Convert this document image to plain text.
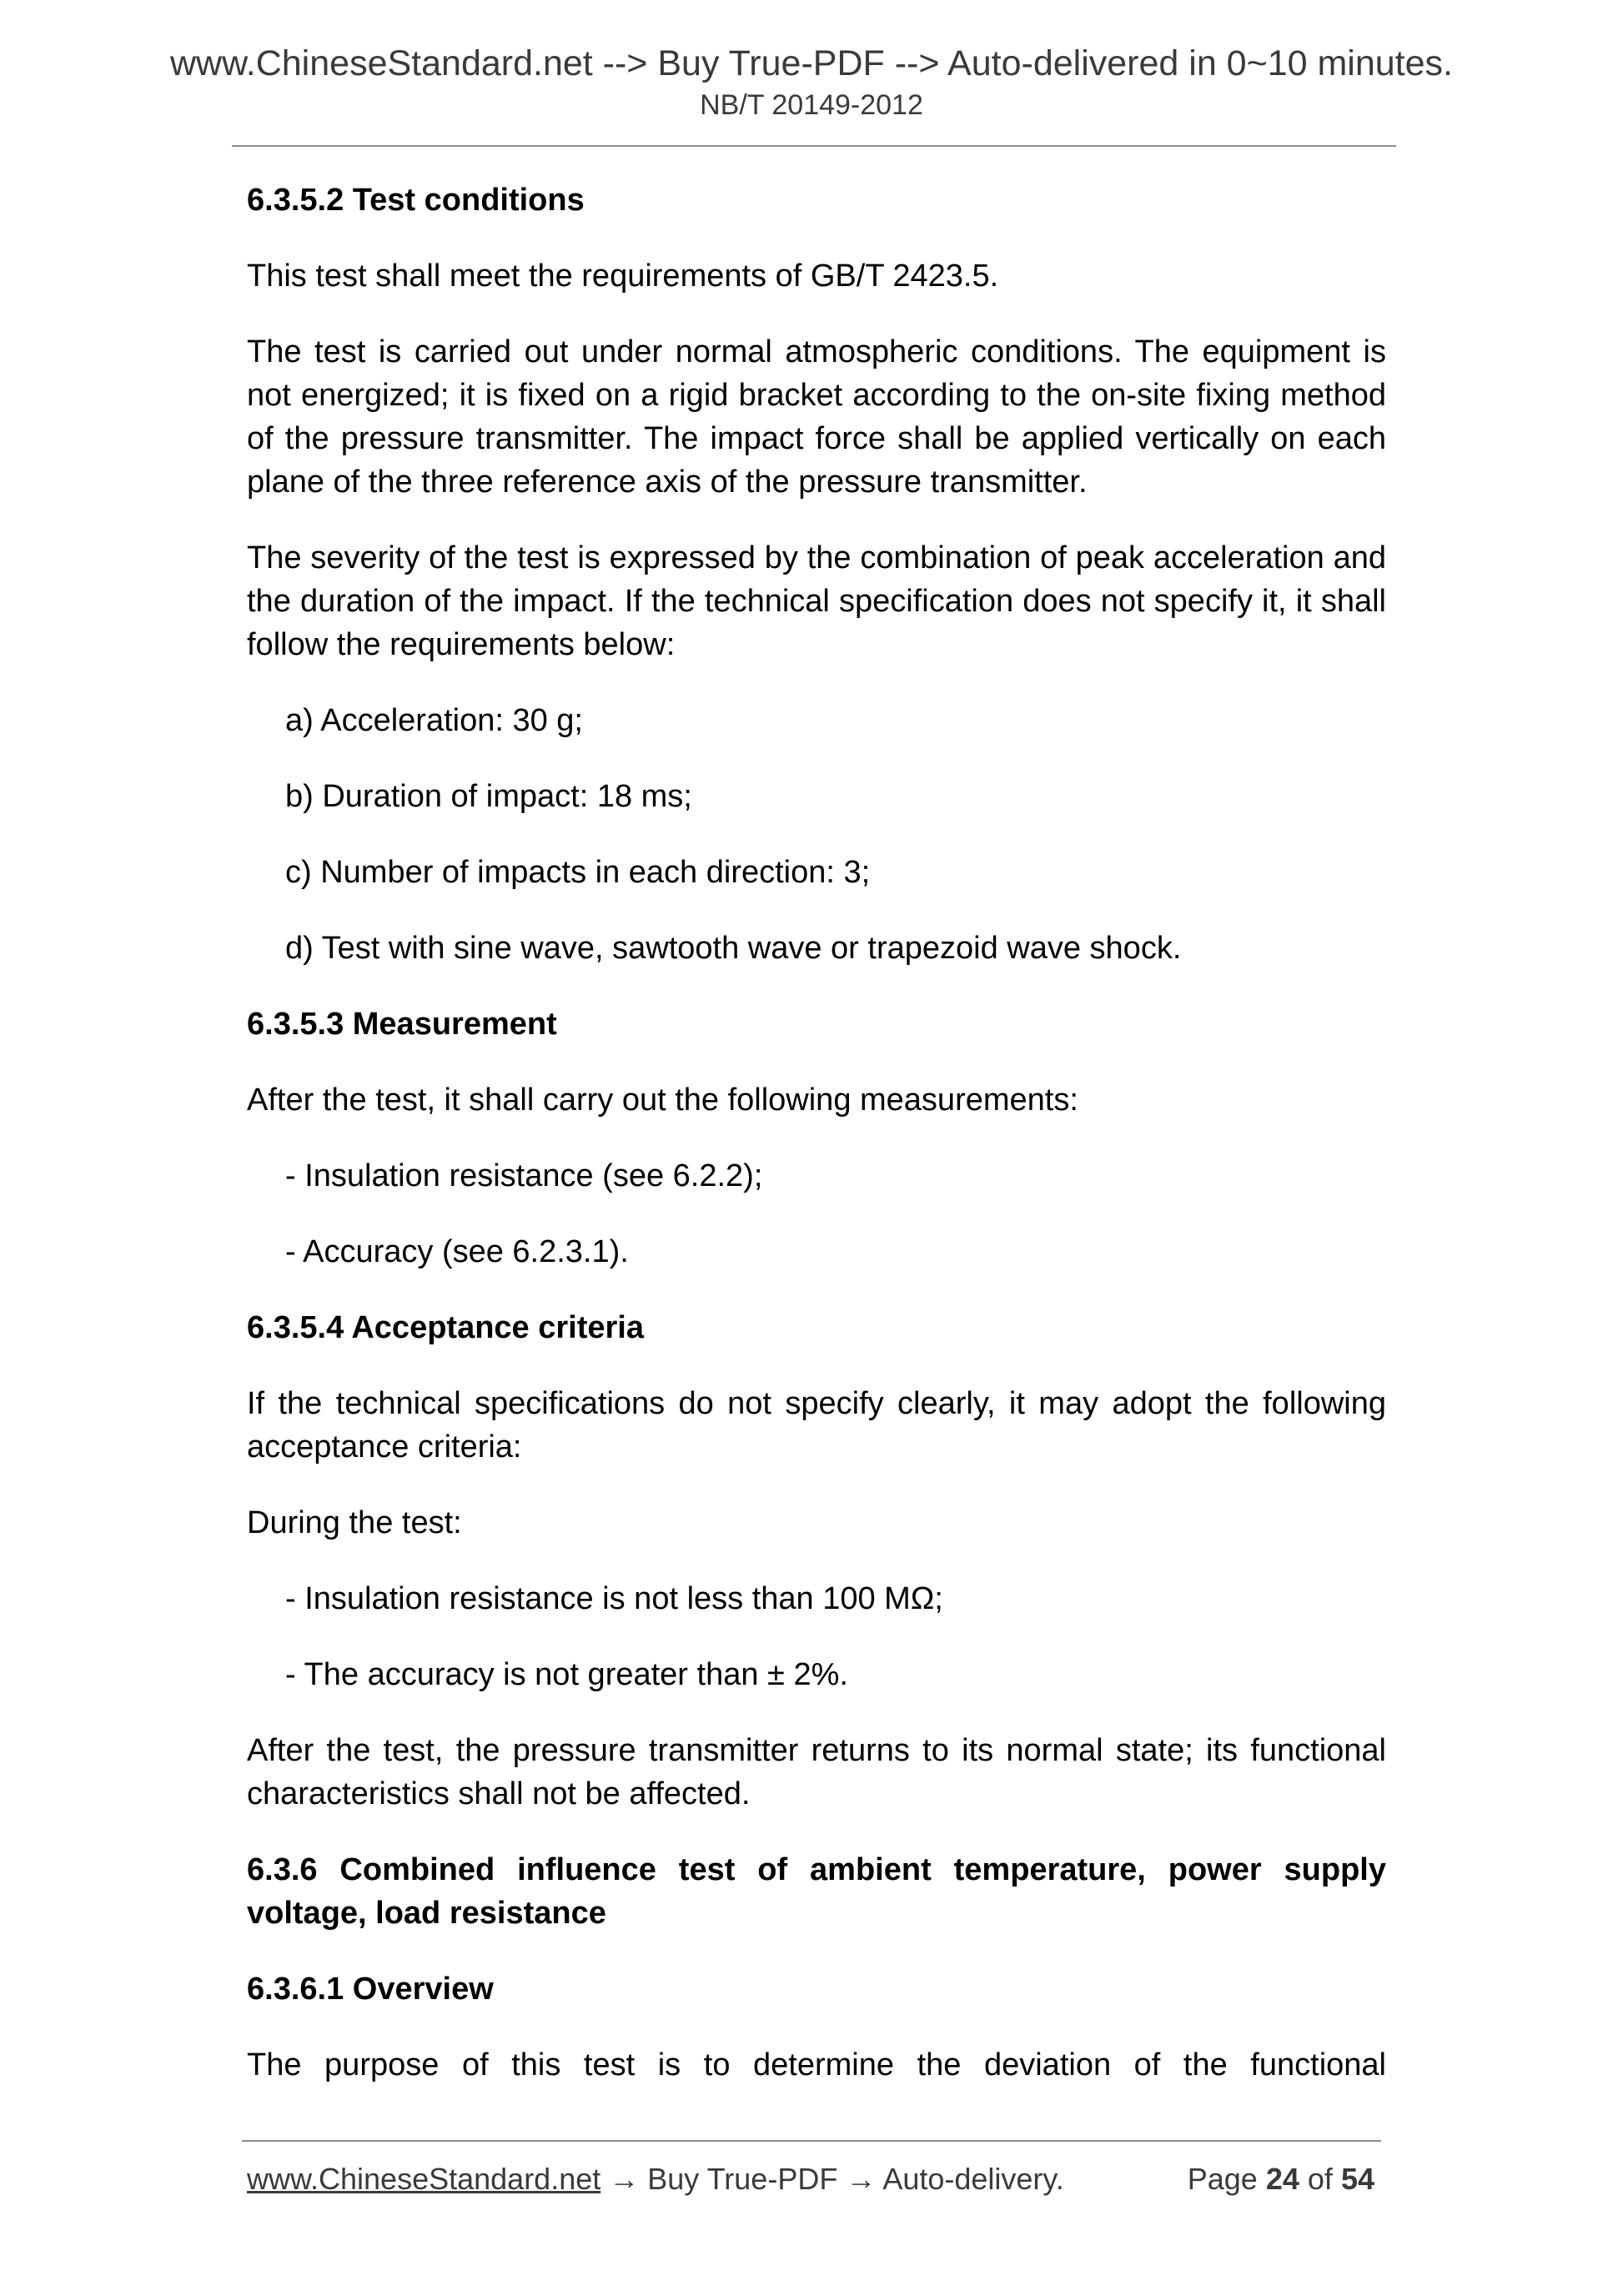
www.ChineseStandard.net --> Buy True-PDF --> Auto-delivered in 0~10 minutes.
NB/T 20149-2012

6.3.5.2 Test conditions

This test shall meet the requirements of GB/T 2423.5.

The test is carried out under normal atmospheric conditions. The equipment is not energized; it is fixed on a rigid bracket according to the on-site fixing method of the pressure transmitter. The impact force shall be applied vertically on each plane of the three reference axis of the pressure transmitter.

The severity of the test is expressed by the combination of peak acceleration and the duration of the impact. If the technical specification does not specify it, it shall follow the requirements below:

a) Acceleration: 30 g;

b) Duration of impact: 18 ms;

c) Number of impacts in each direction: 3;

d) Test with sine wave, sawtooth wave or trapezoid wave shock.

6.3.5.3 Measurement

After the test, it shall carry out the following measurements:

- Insulation resistance (see 6.2.2);

- Accuracy (see 6.2.3.1).

6.3.5.4 Acceptance criteria

If the technical specifications do not specify clearly, it may adopt the following acceptance criteria:

During the test:

- Insulation resistance is not less than 100 MΩ;

- The accuracy is not greater than ± 2%.

After the test, the pressure transmitter returns to its normal state; its functional characteristics shall not be affected.

6.3.6 Combined influence test of ambient temperature, power supply voltage, load resistance

6.3.6.1 Overview

The purpose of this test is to determine the deviation of the functional

www.ChineseStandard.net → Buy True-PDF → Auto-delivery.	Page 24 of 54
